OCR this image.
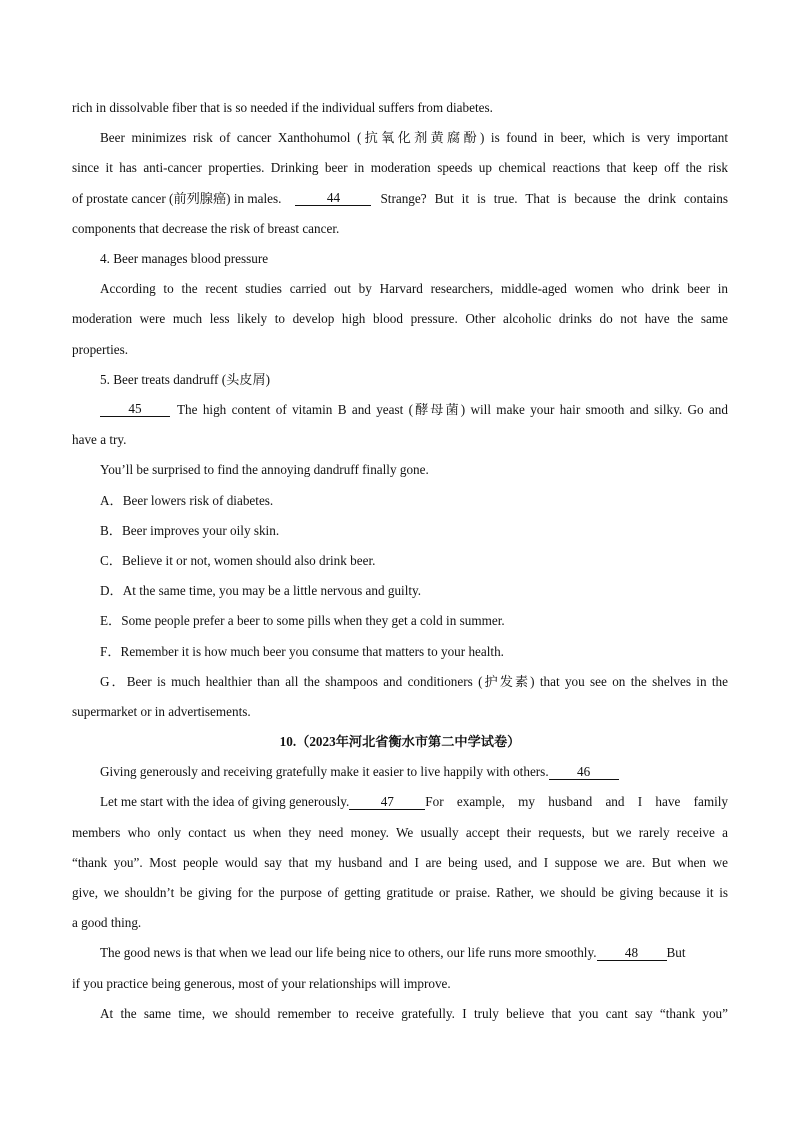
rich in dissolvable fiber that is so needed if the individual suffers from diabetes.
Beer minimizes risk of cancer Xanthohumol (抗氧化剂黄腐酚) is found in beer, which is very important
since it has anti-cancer properties. Drinking beer in moderation speeds up chemical reactions that keep off the risk
of prostate cancer (前列腺癌) in males.	44	Strange? But it is true. That is because the drink contains
components that decrease the risk of breast cancer.
4. Beer manages blood pressure
According to the recent studies carried out by Harvard researchers, middle-aged women who drink beer in
moderation were much less likely to develop high blood pressure. Other alcoholic drinks do not have the same
properties.
5. Beer treats dandruff (头皮屑)
45	The high content of vitamin B and yeast (酵母菌) will make your hair smooth and silky. Go and
have a try.
You’ll be surprised to find the annoying dandruff finally gone.
A．Beer lowers risk of diabetes.
B．Beer improves your oily skin.
C．Believe it or not, women should also drink beer.
D．At the same time, you may be a little nervous and guilty.
E．Some people prefer a beer to some pills when they get a cold in summer.
F．Remember it is how much beer you consume that matters to your health.
G．Beer is much healthier than all the shampoos and conditioners (护发素) that you see on the shelves in the
supermarket or in advertisements.
10.（2023年河北省衡水市第二中学试卷）
Giving generously and receiving gratefully make it easier to live happily with others.	46
Let me start with the idea of giving generously.	47	For example, my husband and I have family
members who only contact us when they need money. We usually accept their requests, but we rarely receive a
“thank you”. Most people would say that my husband and I are being used, and I suppose we are. But when we
give, we shouldn’t be giving for the purpose of getting gratitude or praise. Rather, we should be giving because it is
a good thing.
The good news is that when we lead our life being nice to others, our life runs more smoothly.	48	But
if you practice being generous, most of your relationships will improve.
At the same time, we should remember to receive gratefully. I truly believe that you cant say “thank you”
